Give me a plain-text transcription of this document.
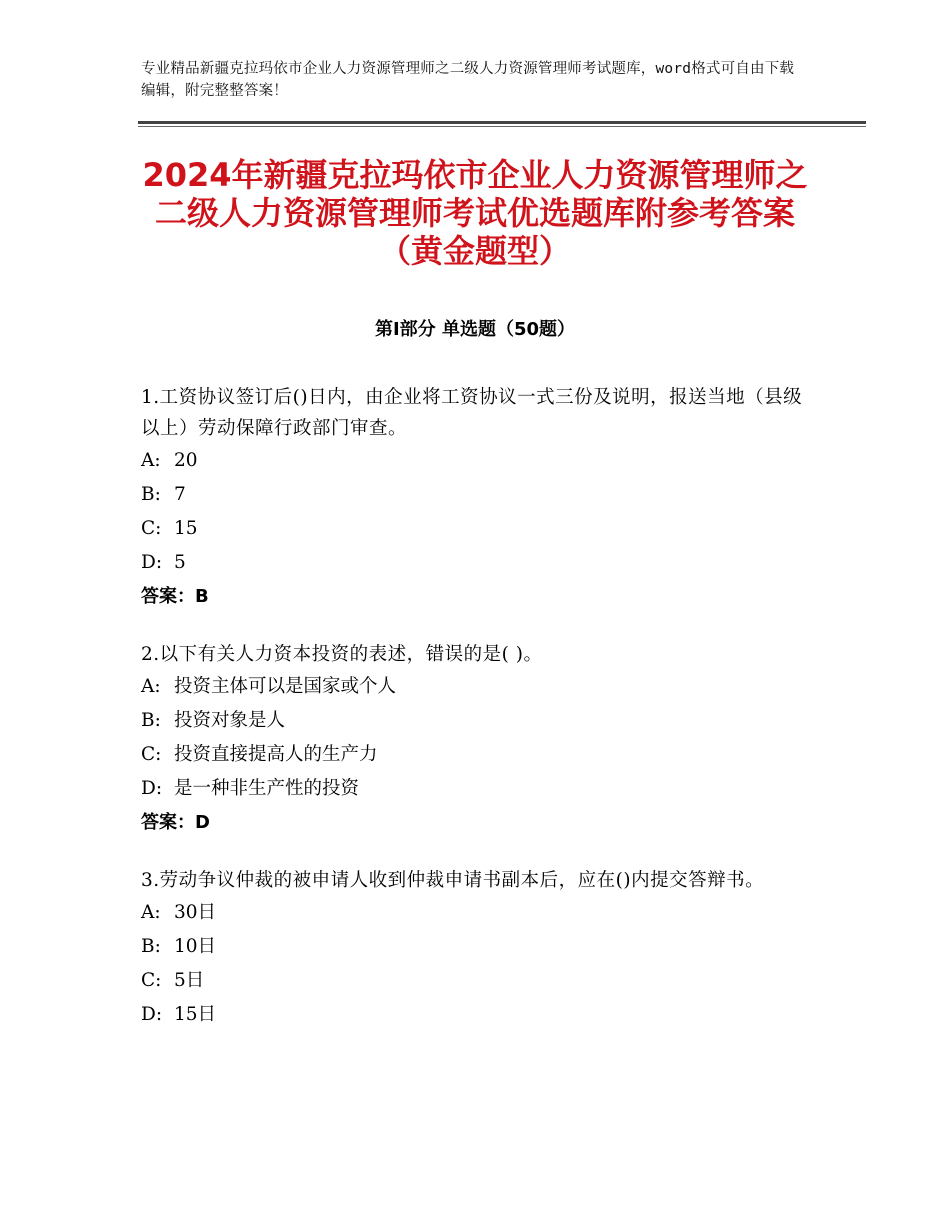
专业精品新疆克拉玛依市企业人力资源管理师之二级人力资源管理师考试题库，word格式可自由下载编辑，附完整整答案！
2024年新疆克拉玛依市企业人力资源管理师之二级人力资源管理师考试优选题库附参考答案（黄金题型）
第Ⅰ部分 单选题（50题）

1.工资协议签订后()日内，由企业将工资协议一式三份及说明，报送当地（县级以上）劳动保障行政部门审查。

A: 20

B: 7

C: 15

D: 5

答案：B

2.以下有关人力资本投资的表述，错误的是( )。

A: 投资主体可以是国家或个人

B: 投资对象是人

C: 投资直接提高人的生产力

D: 是一种非生产性的投资

答案：D

3.劳动争议仲裁的被申请人收到仲裁申请书副本后，应在()内提交答辩书。

A: 30日

B: 10日

C: 5日

D: 15日
